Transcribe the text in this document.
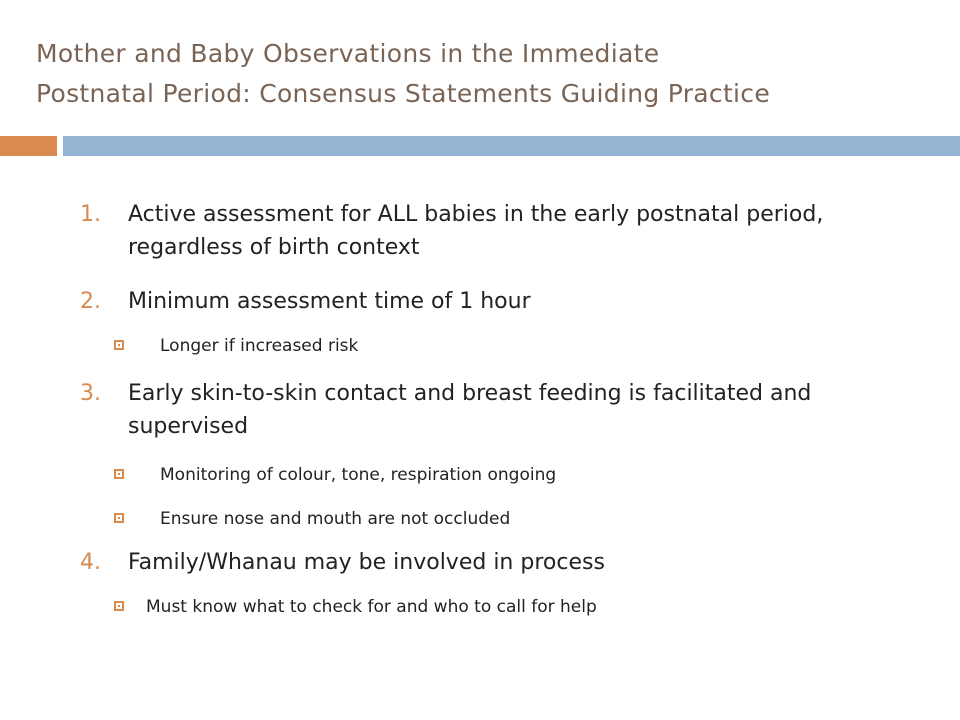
Mother and Baby Observations in the Immediate
Postnatal Period: Consensus Statements Guiding Practice
1.	Active assessment for ALL babies in the early postnatal period, regardless of birth context
2.	Minimum assessment time of 1 hour
Longer if increased risk
3.	Early skin-to-skin contact and breast feeding is facilitated and supervised
Monitoring of colour, tone, respiration ongoing
Ensure nose and mouth are not occluded
4.	Family/Whanau may be involved in process
Must know what to check for and who to call for help
